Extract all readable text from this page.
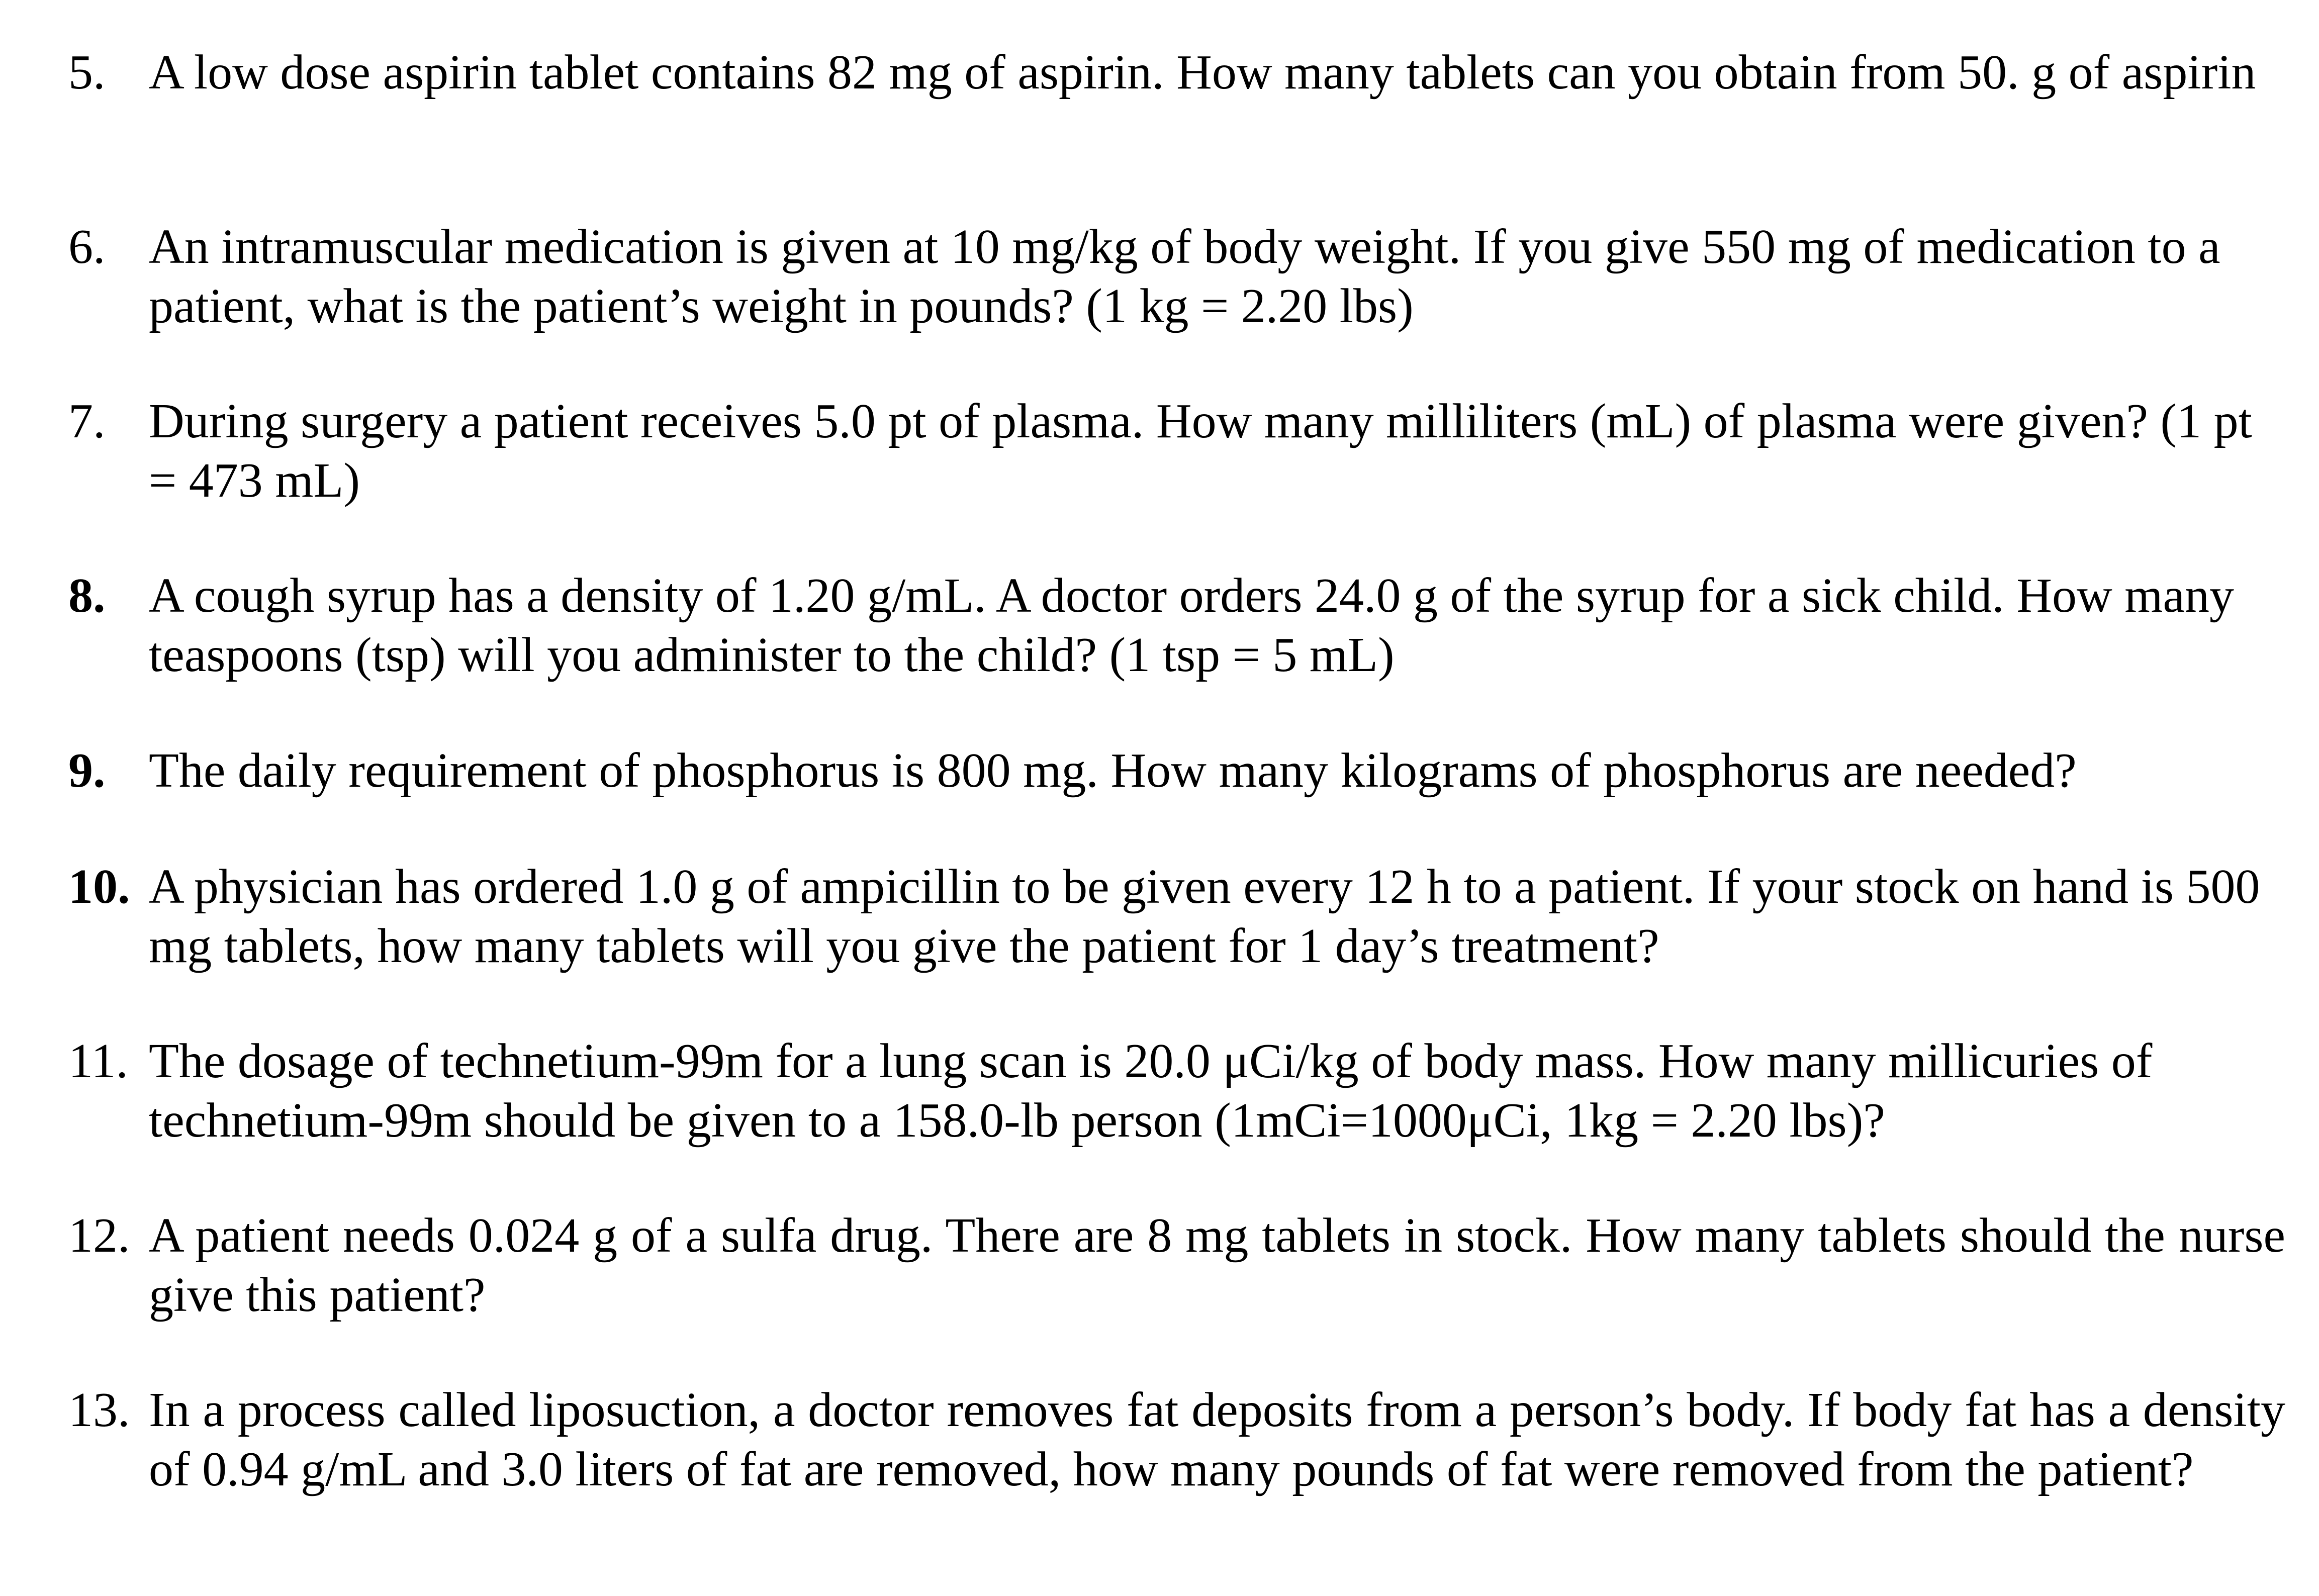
5. A low dose aspirin tablet contains 82 mg of aspirin. How many tablets can you obtain from 50. g of aspirin
6. An intramuscular medication is given at 10 mg/kg of body weight. If you give 550 mg of medication to a patient, what is the patient’s weight in pounds? (1 kg = 2.20 lbs)
7. During surgery a patient receives 5.0 pt of plasma. How many milliliters (mL) of plasma were given? (1 pt = 473 mL)
8. A cough syrup has a density of 1.20 g/mL. A doctor orders 24.0 g of the syrup for a sick child. How many teaspoons (tsp) will you administer to the child? (1 tsp = 5 mL)
9. The daily requirement of phosphorus is 800 mg. How many kilograms of phosphorus are needed?
10. A physician has ordered 1.0 g of ampicillin to be given every 12 h to a patient. If your stock on hand is 500 mg tablets, how many tablets will you give the patient for 1 day’s treatment?
11. The dosage of technetium-99m for a lung scan is 20.0 μCi/kg of body mass. How many millicuries of technetium-99m should be given to a 158.0-lb person (1mCi=1000μCi, 1kg = 2.20 lbs)?
12. A patient needs 0.024 g of a sulfa drug. There are 8 mg tablets in stock. How many tablets should the nurse give this patient?
13. In a process called liposuction, a doctor removes fat deposits from a person’s body. If body fat has a density of 0.94 g/mL and 3.0 liters of fat are removed, how many pounds of fat were removed from the patient?
